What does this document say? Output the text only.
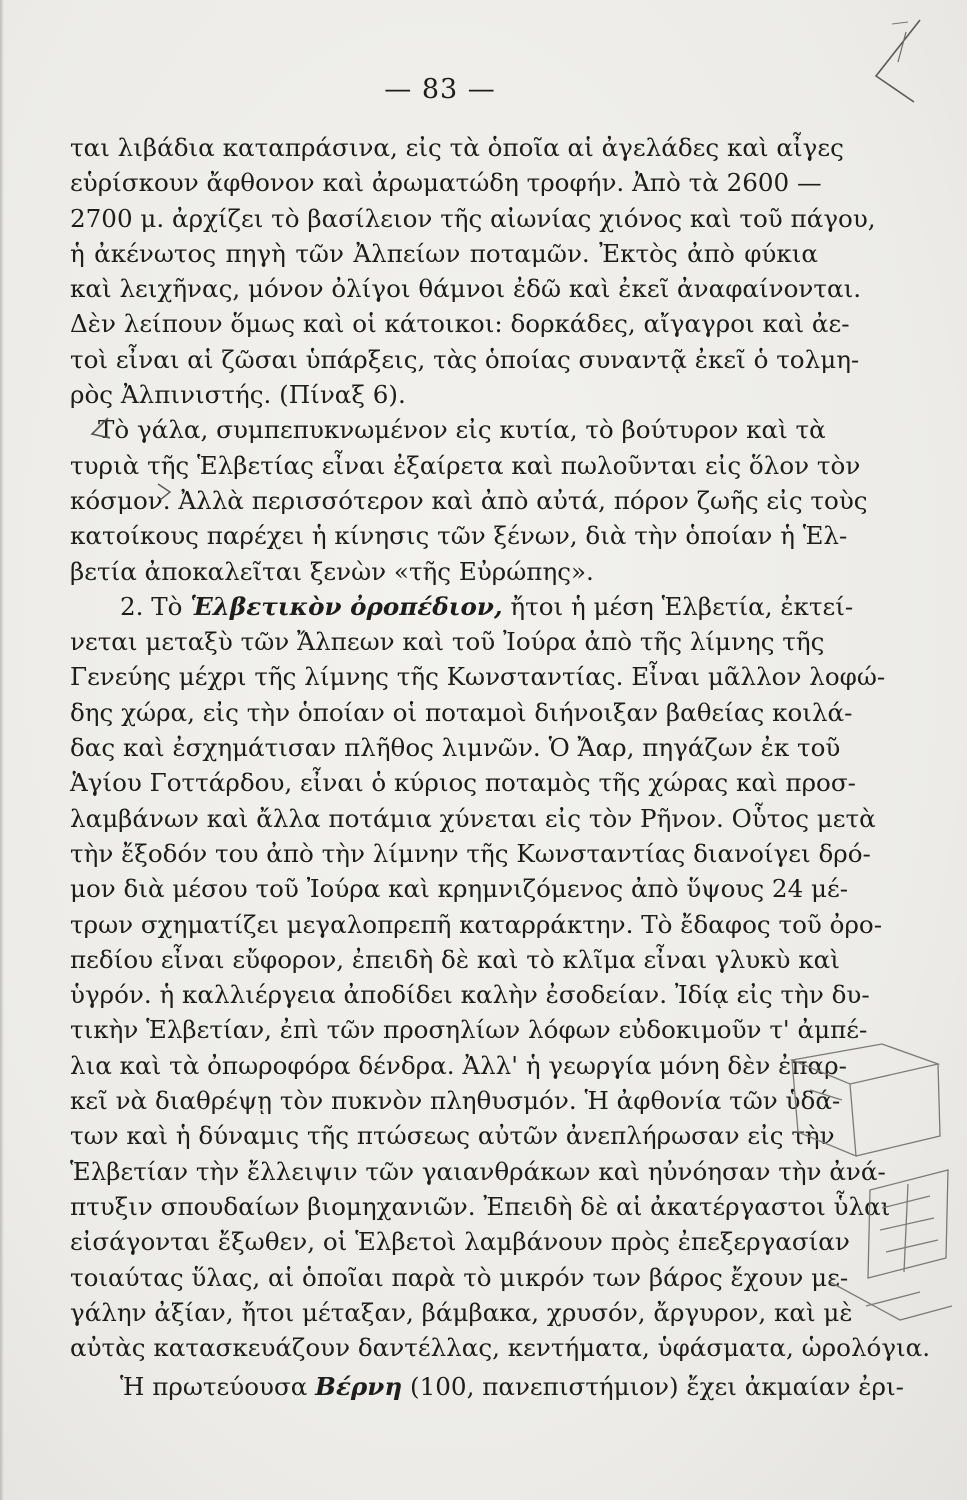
— 83 —
ται λιβάδια καταπράσινα, εἰς τὰ ὁποῖα αἱ ἀγελάδες καὶ αἶγες
εὑρίσκουν ἄφθονον καὶ ἀρωματώδη τροφήν. Ἀπὸ τὰ 2600 —
2700 μ. ἀρχίζει τὸ βασίλειον τῆς αἰωνίας χιόνος καὶ τοῦ πάγου,
ἡ ἀκένωτος πηγὴ τῶν Ἀλπείων ποταμῶν. Ἐκτὸς ἀπὸ φύκια
καὶ λειχῆνας, μόνον ὀλίγοι θάμνοι ἐδῶ καὶ ἐκεῖ ἀναφαίνονται.
Δὲν λείπουν ὅμως καὶ οἱ κάτοικοι: δορκάδες, αἴγαγροι καὶ ἀε-
τοὶ εἶναι αἱ ζῶσαι ὑπάρξεις, τὰς ὁποίας συναντᾷ ἐκεῖ ὁ τολμη-
ρὸς Ἀλπινιστής. (Πίναξ 6).
Τὸ γάλα, συμπεπυκνωμένον εἰς κυτία, τὸ βούτυρον καὶ τὰ
τυριὰ τῆς Ἑλβετίας εἶναι ἐξαίρετα καὶ πωλοῦνται εἰς ὅλον τὸν
κόσμον. Ἀλλὰ περισσότερον καὶ ἀπὸ αὐτά, πόρον ζωῆς εἰς τοὺς
κατοίκους παρέχει ἡ κίνησις τῶν ξένων, διὰ τὴν ὁποίαν ἡ Ἑλ-
βετία ἀποκαλεῖται ξενὼν «τῆς Εὐρώπης».
2. Τὸ Ἑλβετικὸν ὀροπέδιον, ἤτοι ἡ μέση Ἑλβετία, ἐκτεί-
νεται μεταξὺ τῶν Ἄλπεων καὶ τοῦ Ἰούρα ἀπὸ τῆς λίμνης τῆς
Γενεύης μέχρι τῆς λίμνης τῆς Κωνσταντίας. Εἶναι μᾶλλον λοφώ-
δης χώρα, εἰς τὴν ὁποίαν οἱ ποταμοὶ διήνοιξαν βαθείας κοιλά-
δας καὶ ἐσχημάτισαν πλῆθος λιμνῶν. Ὁ Ἄαρ, πηγάζων ἐκ τοῦ
Ἁγίου Γοττάρδου, εἶναι ὁ κύριος ποταμὸς τῆς χώρας καὶ προσ-
λαμβάνων καὶ ἄλλα ποτάμια χύνεται εἰς τὸν Ρῆνον. Οὗτος μετὰ
τὴν ἔξοδόν του ἀπὸ τὴν λίμνην τῆς Κωνσταντίας διανοίγει δρό-
μον διὰ μέσου τοῦ Ἰούρα καὶ κρημνιζόμενος ἀπὸ ὕψους 24 μέ-
τρων σχηματίζει μεγαλοπρεπῆ καταρράκτην. Τὸ ἔδαφος τοῦ ὀρο-
πεδίου εἶναι εὔφορον, ἐπειδὴ δὲ καὶ τὸ κλῖμα εἶναι γλυκὺ καὶ
ὑγρόν. ἡ καλλιέργεια ἀποδίδει καλὴν ἐσοδείαν. Ἰδίᾳ εἰς τὴν δυ-
τικὴν Ἑλβετίαν, ἐπὶ τῶν προσηλίων λόφων εὐδοκιμοῦν τ' ἀμπέ-
λια καὶ τὰ ὀπωροφόρα δένδρα. Ἀλλ' ἡ γεωργία μόνη δὲν ἐπαρ-
κεῖ νὰ διαθρέψῃ τὸν πυκνὸν πληθυσμόν. Ἡ ἀφθονία τῶν ὑδά-
των καὶ ἡ δύναμις τῆς πτώσεως αὐτῶν ἀνεπλήρωσαν εἰς τὴν
Ἑλβετίαν τὴν ἔλλειψιν τῶν γαιανθράκων καὶ ηὐνόησαν τὴν ἀνά-
πτυξιν σπουδαίων βιομηχανιῶν. Ἐπειδὴ δὲ αἱ ἀκατέργαστοι ὗλαι
εἰσάγονται ἔξωθεν, οἱ Ἑλβετοὶ λαμβάνουν πρὸς ἐπεξεργασίαν
τοιαύτας ὕλας, αἱ ὁποῖαι παρὰ τὸ μικρόν των βάρος ἔχουν με-
γάλην ἀξίαν, ἤτοι μέταξαν, βάμβακα, χρυσόν, ἄργυρον, καὶ μὲ
αὐτὰς κατασκευάζουν δαντέλλας, κεντήματα, ὑφάσματα, ὡρολόγια.
Ἡ πρωτεύουσα Βέρνη (100, πανεπιστήμιον) ἔχει ἀκμαίαν ἐρι-
